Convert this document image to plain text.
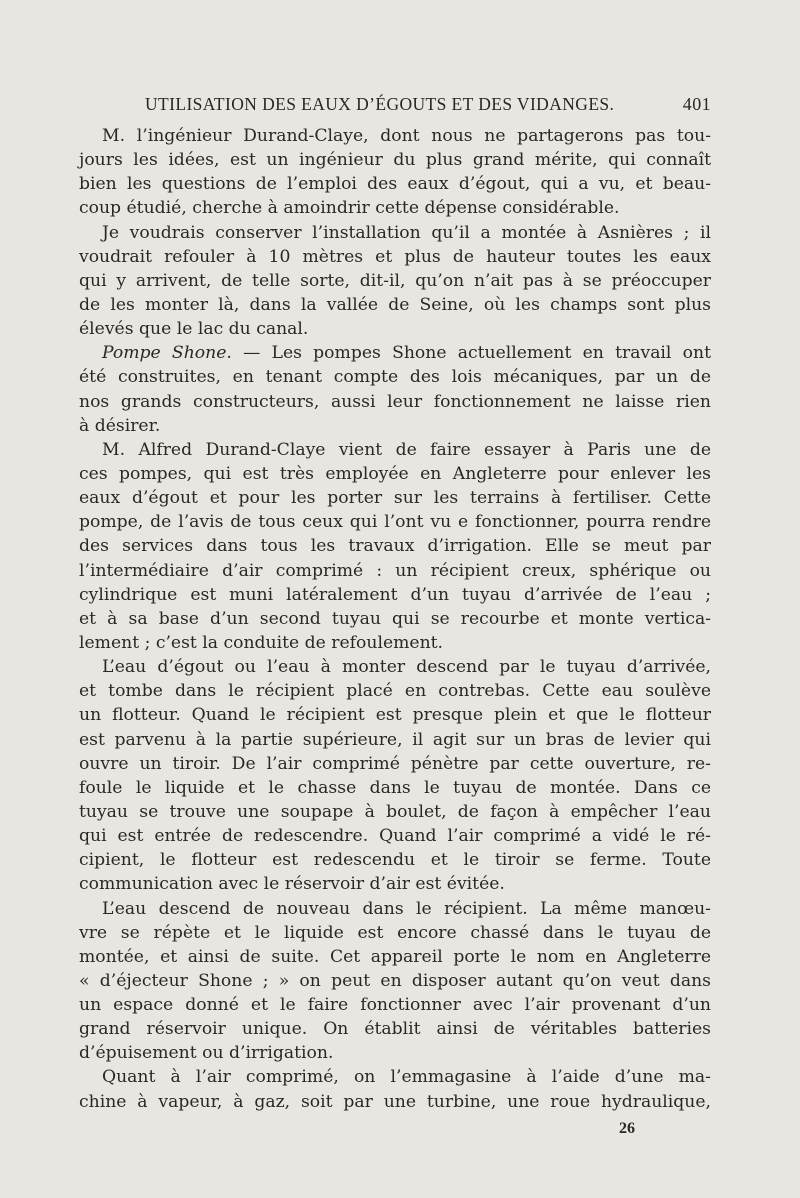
UTILISATION DES EAUX D’ÉGOUTS ET DES VIDANGES.	401

M. l’ingénieur Durand-Claye, dont nous ne partagerons pas tou-

jours les idées, est un ingénieur du plus grand mérite, qui connaît

bien les questions de l’emploi des eaux d’égout, qui a vu, et beau-

coup étudié, cherche à amoindrir cette dépense considérable.

Je voudrais conserver l’installation qu’il a montée à Asnières ; il

voudrait refouler à 10 mètres et plus de hauteur toutes les eaux

qui y arrivent, de telle sorte, dit-il, qu’on n’ait pas à se préoccuper

de les monter là, dans la vallée de Seine, où les champs sont plus

élevés que le lac du canal.

Pompe Shone. — Les pompes Shone actuellement en travail ont

été construites, en tenant compte des lois mécaniques, par un de

nos grands constructeurs, aussi leur fonctionnement ne laisse rien

à désirer.

M. Alfred Durand-Claye vient de faire essayer à Paris une de

ces pompes, qui est très employée en Angleterre pour enlever les

eaux d’égout et pour les porter sur les terrains à fertiliser. Cette

pompe, de l’avis de tous ceux qui l’ont vu e fonctionner, pourra rendre

des services dans tous les travaux d’irrigation. Elle se meut par

l’intermédiaire d’air comprimé : un récipient creux, sphérique ou

cylindrique est muni latéralement d’un tuyau d’arrivée de l’eau ;

et à sa base d’un second tuyau qui se recourbe et monte vertica-

lement ; c’est la conduite de refoulement.

L’eau d’égout ou l’eau à monter descend par le tuyau d’arrivée,

et tombe dans le récipient placé en contrebas. Cette eau soulève

un flotteur. Quand le récipient est presque plein et que le flotteur

est parvenu à la partie supérieure, il agit sur un bras de levier qui

ouvre un tiroir. De l’air comprimé pénètre par cette ouverture, re-

foule le liquide et le chasse dans le tuyau de montée. Dans ce

tuyau se trouve une soupape à boulet, de façon à empêcher l’eau

qui est entrée de redescendre. Quand l’air comprimé a vidé le ré-

cipient, le flotteur est redescendu et le tiroir se ferme. Toute

communication avec le réservoir d’air est évitée.

L’eau descend de nouveau dans le récipient. La même manœu-

vre se répète et le liquide est encore chassé dans le tuyau de

montée, et ainsi de suite. Cet appareil porte le nom en Angleterre

« d’éjecteur Shone ; » on peut en disposer autant qu’on veut dans

un espace donné et le faire fonctionner avec l’air provenant d’un

grand réservoir unique. On établit ainsi de véritables batteries

d’épuisement ou d’irrigation.

Quant à l’air comprimé, on l’emmagasine à l’aide d’une ma-

chine à vapeur, à gaz, soit par une turbine, une roue hydraulique,

26
